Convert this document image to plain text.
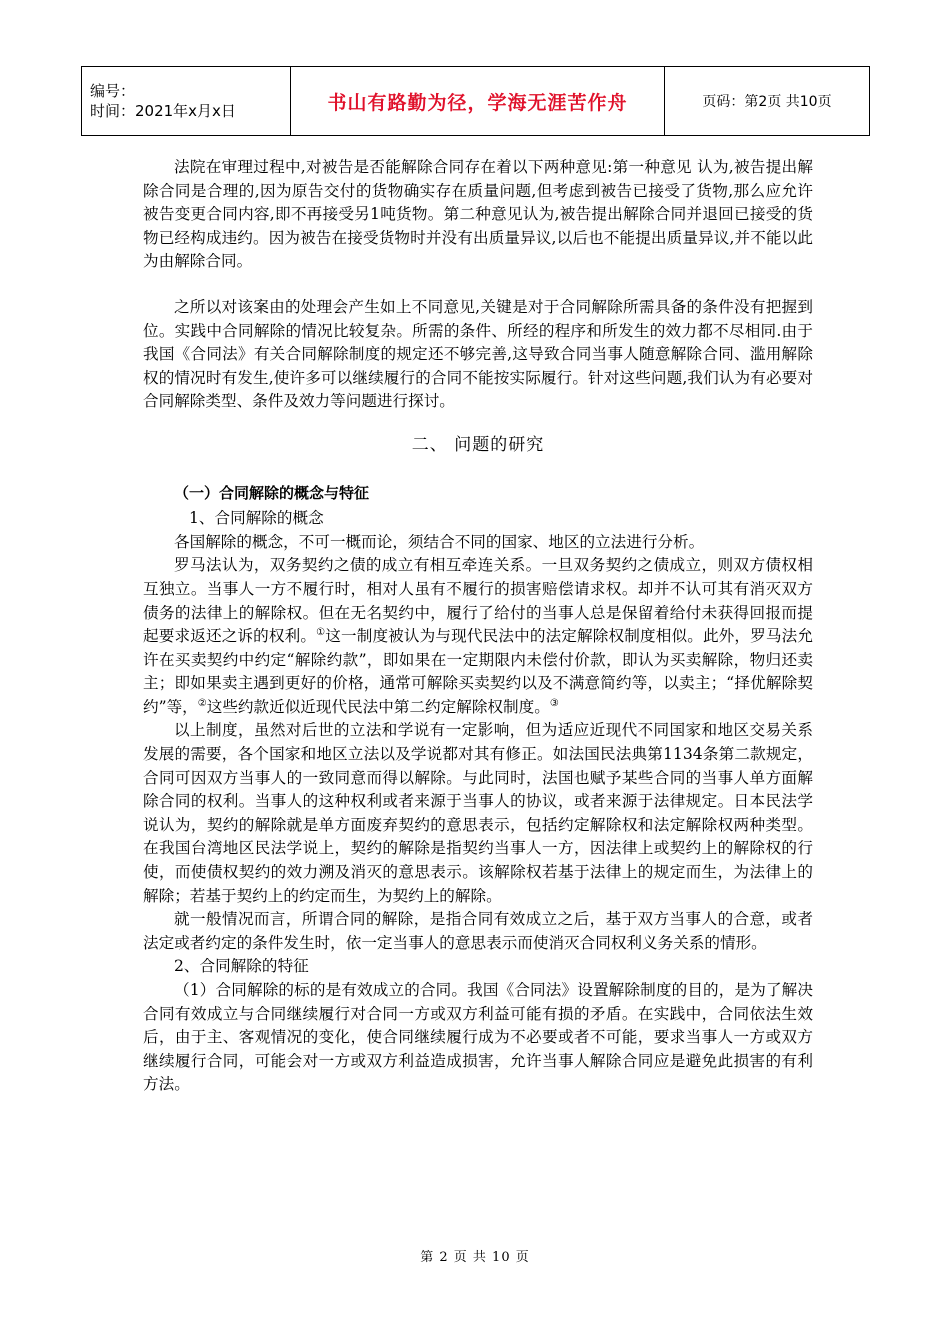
编号：
时间：2021年x月x日	书山有路勤为径，学海无涯苦作舟	页码：第2页 共10页

法院在审理过程中,对被告是否能解除合同存在着以下两种意见:第一种意见 认为,被告提出解除合同是合理的,因为原告交付的货物确实存在质量问题,但考虑到被告已接受了货物,那么应允许 被告变更合同内容,即不再接受另1吨货物。第二种意见认为,被告提出解除合同并退回已接受的货物已经构成违约。因为被告在接受货物时并没有出质量异议,以后也不能提出质量异议,并不能以此为由解除合同。

之所以对该案由的处理会产生如上不同意见,关键是对于合同解除所需具备的条件没有把握到位。实践中合同解除的情况比较复杂。所需的条件、所经的程序和所发生的效力都不尽相同.由于我国《合同法》有关合同解除制度的规定还不够完善,这导致合同当事人随意解除合同、滥用解除权的情况时有发生,使许多可以继续履行的合同不能按实际履行。针对这些问题,我们认为有必要对合同解除类型、条件及效力等问题进行探讨。

二、 问题的研究

（一）合同解除的概念与特征

1、合同解除的概念

各国解除的概念，不可一概而论，须结合不同的国家、地区的立法进行分析。

罗马法认为，双务契约之债的成立有相互牵连关系。一旦双务契约之债成立，则双方债权相互独立。当事人一方不履行时，相对人虽有不履行的损害赔偿请求权。却并不认可其有消灭双方债务的法律上的解除权。但在无名契约中，履行了给付的当事人总是保留着给付未获得回报而提起要求返还之诉的权利。①这一制度被认为与现代民法中的法定解除权制度相似。此外，罗马法允许在买卖契约中约定“解除约款”，即如果在一定期限内未偿付价款，即认为买卖解除，物归还卖主；即如果卖主遇到更好的价格，通常可解除买卖契约以及不满意简约等，以卖主；“择优解除契约”等，②这些约款近似近现代民法中第二约定解除权制度。③

以上制度，虽然对后世的立法和学说有一定影响，但为适应近现代不同国家和地区交易关系发展的需要，各个国家和地区立法以及学说都对其有修正。如法国民法典第1134条第二款规定，合同可因双方当事人的一致同意而得以解除。与此同时，法国也赋予某些合同的当事人单方面解除合同的权利。当事人的这种权利或者来源于当事人的协议，或者来源于法律规定。日本民法学说认为，契约的解除就是单方面废弃契约的意思表示，包括约定解除权和法定解除权两种类型。在我国台湾地区民法学说上，契约的解除是指契约当事人一方，因法律上或契约上的解除权的行使，而使债权契约的效力溯及消灭的意思表示。该解除权若基于法律上的规定而生，为法律上的解除；若基于契约上的约定而生，为契约上的解除。

就一般情况而言，所谓合同的解除，是指合同有效成立之后，基于双方当事人的合意，或者法定或者约定的条件发生时，依一定当事人的意思表示而使消灭合同权利义务关系的情形。

2、合同解除的特征

（1）合同解除的标的是有效成立的合同。我国《合同法》设置解除制度的目的，是为了解决合同有效成立与合同继续履行对合同一方或双方利益可能有损的矛盾。在实践中，合同依法生效后，由于主、客观情况的变化，使合同继续履行成为不必要或者不可能，要求当事人一方或双方继续履行合同，可能会对一方或双方利益造成损害，允许当事人解除合同应是避免此损害的有利方法。

第 2 页 共 10 页
